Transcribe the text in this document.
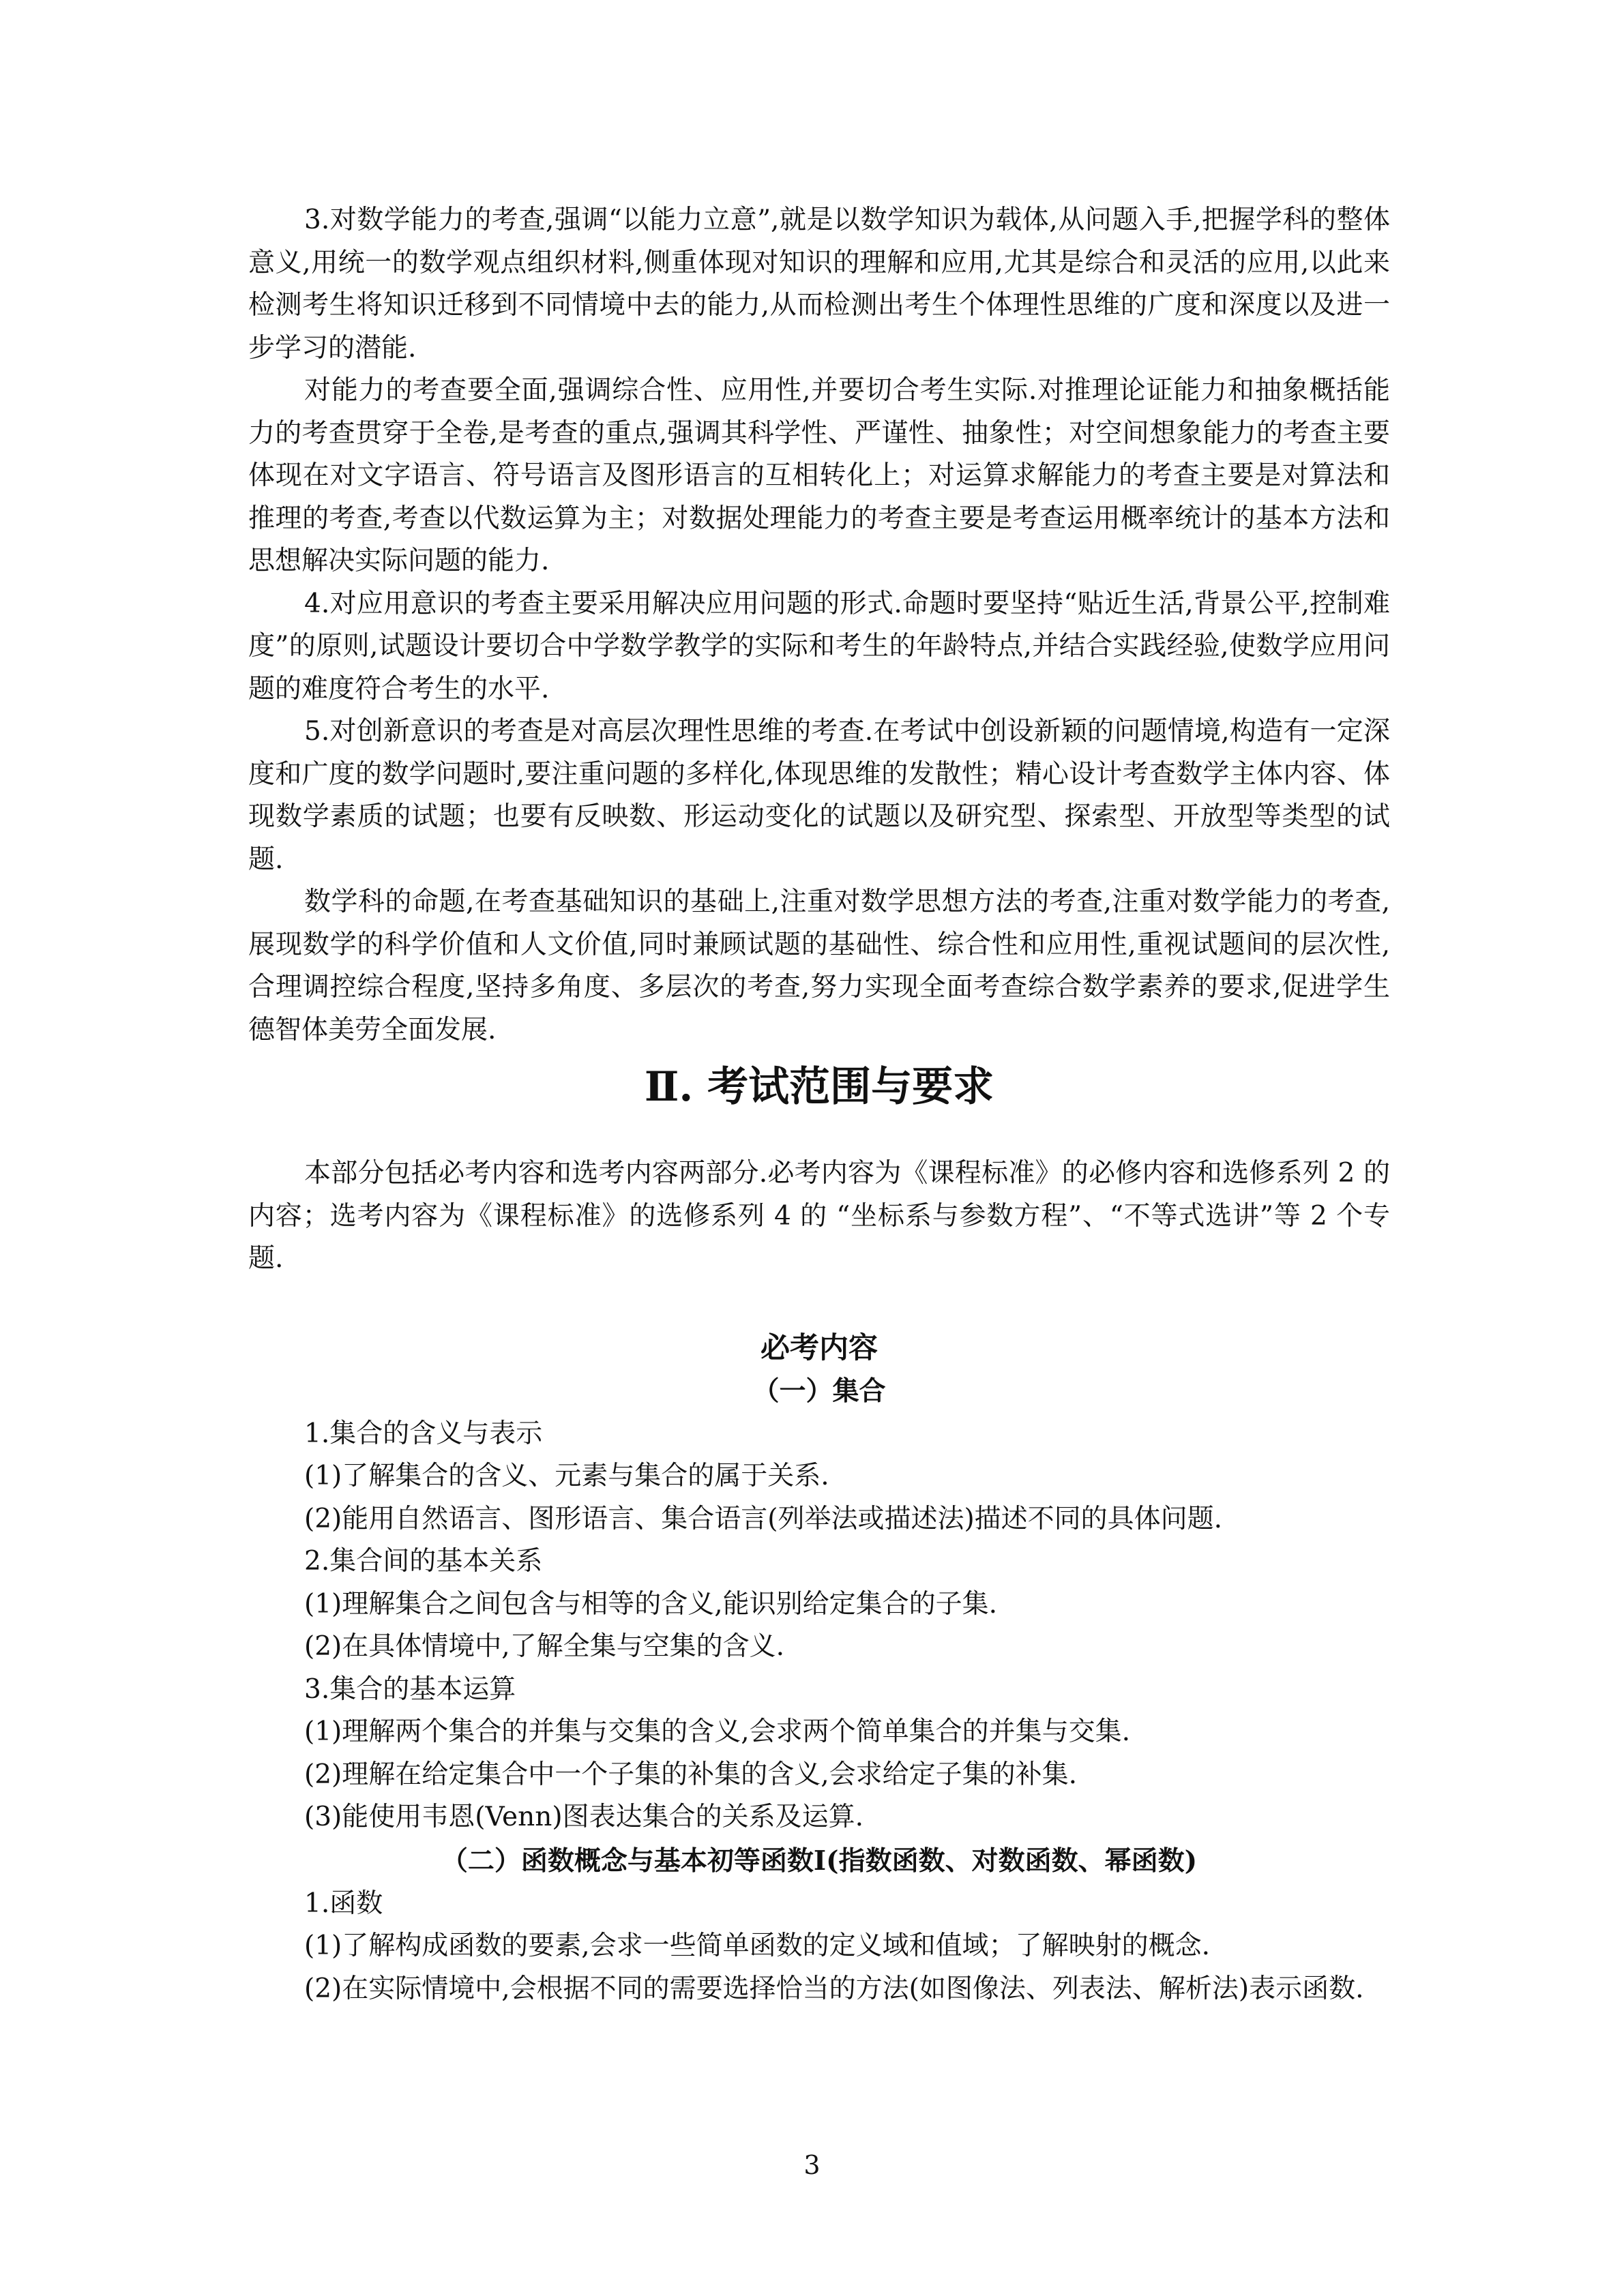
3.对数学能力的考查,强调“以能力立意”,就是以数学知识为载体,从问题入手,把握学科的整体意义,用统一的数学观点组织材料,侧重体现对知识的理解和应用,尤其是综合和灵活的应用,以此来检测考生将知识迁移到不同情境中去的能力,从而检测出考生个体理性思维的广度和深度以及进一步学习的潜能.

对能力的考查要全面,强调综合性、应用性,并要切合考生实际.对推理论证能力和抽象概括能力的考查贯穿于全卷,是考查的重点,强调其科学性、严谨性、抽象性；对空间想象能力的考查主要体现在对文字语言、符号语言及图形语言的互相转化上；对运算求解能力的考查主要是对算法和推理的考查,考查以代数运算为主；对数据处理能力的考查主要是考查运用概率统计的基本方法和思想解决实际问题的能力.

4.对应用意识的考查主要采用解决应用问题的形式.命题时要坚持“贴近生活,背景公平,控制难度”的原则,试题设计要切合中学数学教学的实际和考生的年龄特点,并结合实践经验,使数学应用问题的难度符合考生的水平.

5.对创新意识的考查是对高层次理性思维的考查.在考试中创设新颖的问题情境,构造有一定深度和广度的数学问题时,要注重问题的多样化,体现思维的发散性；精心设计考查数学主体内容、体现数学素质的试题；也要有反映数、形运动变化的试题以及研究型、探索型、开放型等类型的试题.

数学科的命题,在考查基础知识的基础上,注重对数学思想方法的考查,注重对数学能力的考查,展现数学的科学价值和人文价值,同时兼顾试题的基础性、综合性和应用性,重视试题间的层次性,合理调控综合程度,坚持多角度、多层次的考查,努力实现全面考查综合数学素养的要求,促进学生德智体美劳全面发展.

Ⅱ. 考试范围与要求

本部分包括必考内容和选考内容两部分.必考内容为《课程标准》的必修内容和选修系列 2 的内容；选考内容为《课程标准》的选修系列 4 的 “坐标系与参数方程”、“不等式选讲”等 2 个专题.

必考内容
（一）集合

1.集合的含义与表示

(1)了解集合的含义、元素与集合的属于关系.

(2)能用自然语言、图形语言、集合语言(列举法或描述法)描述不同的具体问题.

2.集合间的基本关系

(1)理解集合之间包含与相等的含义,能识别给定集合的子集.

(2)在具体情境中,了解全集与空集的含义.

3.集合的基本运算

(1)理解两个集合的并集与交集的含义,会求两个简单集合的并集与交集.

(2)理解在给定集合中一个子集的补集的含义,会求给定子集的补集.

(3)能使用韦恩(Venn)图表达集合的关系及运算.

（二）函数概念与基本初等函数Ⅰ(指数函数、对数函数、幂函数)

1.函数

(1)了解构成函数的要素,会求一些简单函数的定义域和值域；了解映射的概念.

(2)在实际情境中,会根据不同的需要选择恰当的方法(如图像法、列表法、解析法)表示函数.

3
